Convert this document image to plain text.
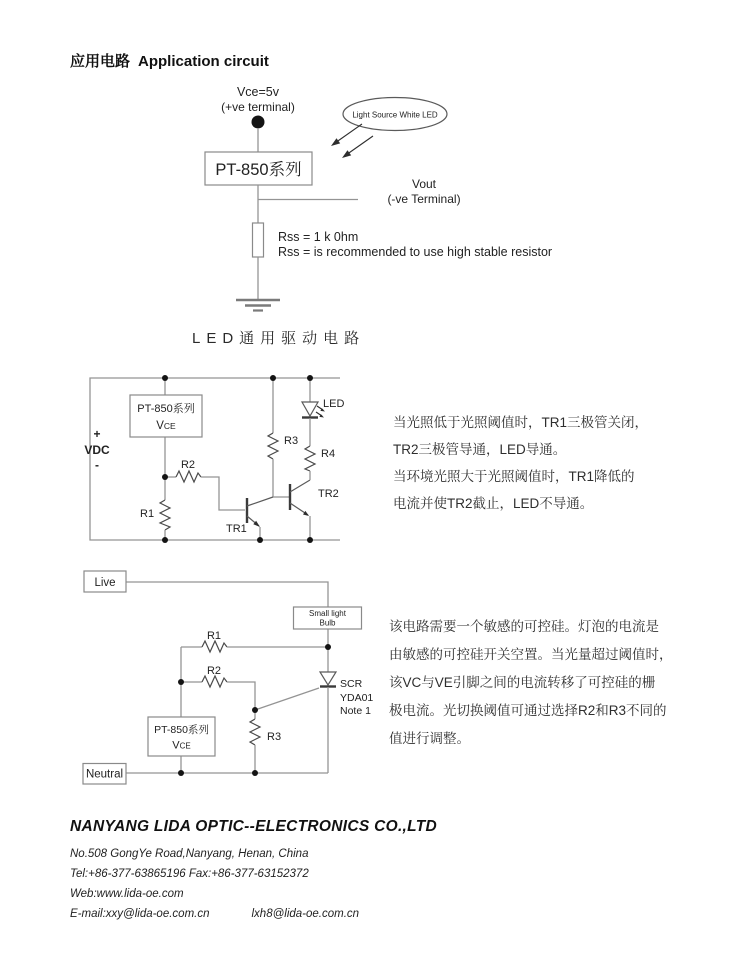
应用电路 Application circuit
Vce=5v
(+ve terminal)
PT-850系列
Vout
(-ve Terminal)
Rss = 1 k 0hm
Rss = is recommended to use high stable resistor
Light Source White LED
+
VDC
-
PT-850系列
VCE
R1
R2
R3
LED
R4
TR1
TR2
R1
R2
R3
SCR
YDA01
Note 1
Live
Small light
Bulb
PT-850系列
VCE
Neutral
LED通用驱动电路
当光照低于光照阈值时，TR1三极管关闭，
TR2三极管导通，LED导通。
当环境光照大于光照阈值时，TR1降低的
电流并使TR2截止，LED不导通。
该电路需要一个敏感的可控硅。灯泡的电流是
由敏感的可控硅开关空置。当光量超过阈值时，
该VC与VE引脚之间的电流转移了可控硅的栅
极电流。光切换阈值可通过选择R2和R3不同的
值进行调整。
NANYANG LIDA OPTIC--ELECTRONICS CO.,LTD
No.508 GongYe Road,Nanyang, Henan, China
Tel:+86-377-63865196 Fax:+86-377-63152372
Web:www.lida-oe.com
E-mail:xxy@lida-oe.com.cn	lxh8@lida-oe.com.cn
